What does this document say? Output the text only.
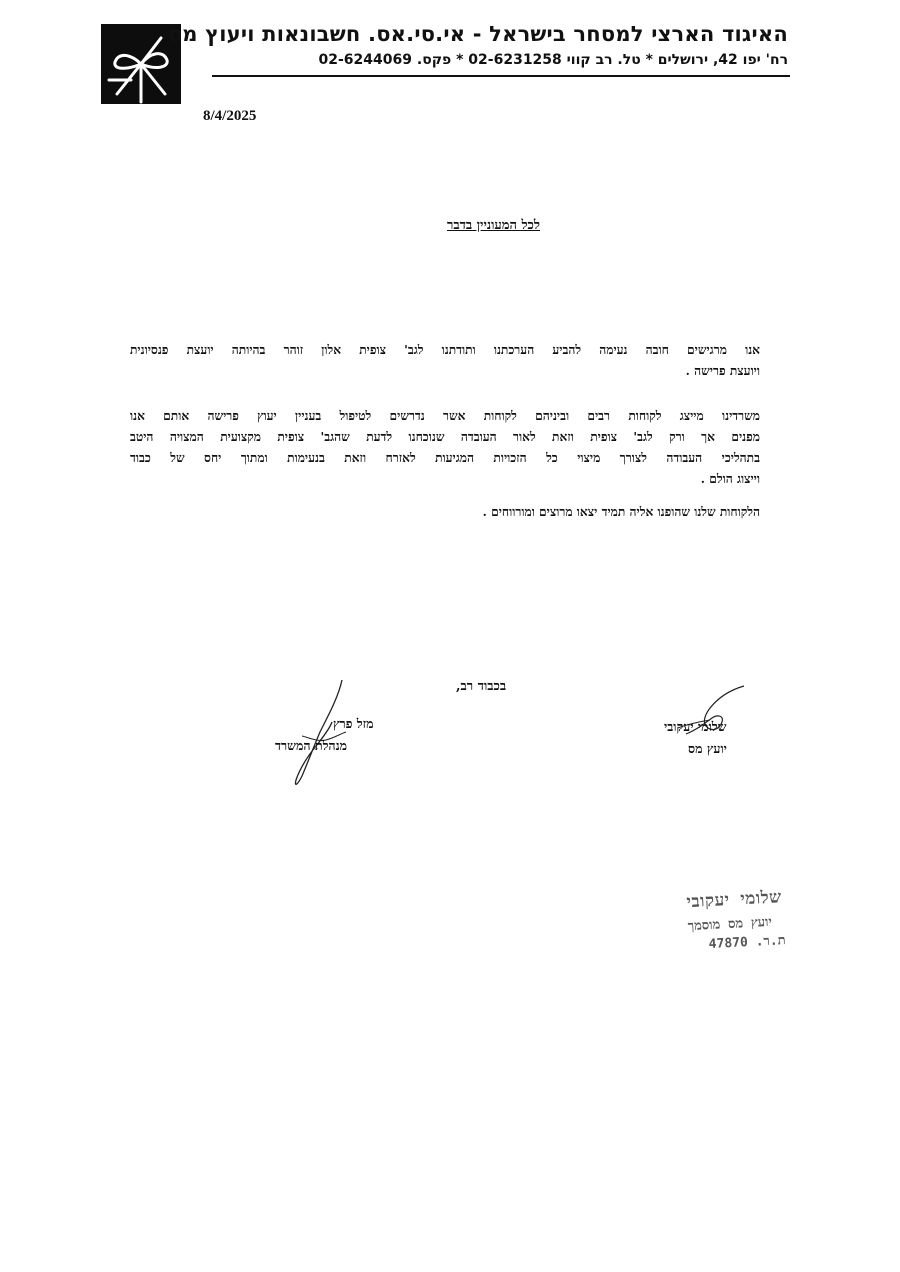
האיגוד הארצי למסחר בישראל - אי.סי.אס. חשבונאות ויעוץ מס
רח' יפו 42, ירושלים * טל. רב קווי 02-6231258 * פקס. 02-6244069
8/4/2025
לכל המעוניין בדבר

אנו מרגישים חובה נעימה להביע הערכתנו ותודתנו לגב' צופית אלון זוהר בהיותה יועצת פנסיונית
ויועצת פרישה .

משרדינו מייצג לקוחות רבים וביניהם לקוחות אשר נדרשים לטיפול בעניין יעוץ פרישה אותם אנו
מפנים אך ורק לגב' צופית וזאת לאור העובדה שנוכחנו לדעת שהגב' צופית מקצועית המצויה היטב
בתהליכי העבודה לצורך מיצוי כל הזכויות המגיעות לאזרח וזאת בנעימות ומתוך יחס של כבוד
וייצוג הולם .

הלקוחות שלנו שהופנו אליה תמיד יצאו מרוצים ומורווחים .

בכבוד רב,
מזל פרץ
מנהלת המשרד
שלומי יעקובי
יועץ מס
שלומי יעקובי
יועץ מס מוסמך
ת.ר. 47870
